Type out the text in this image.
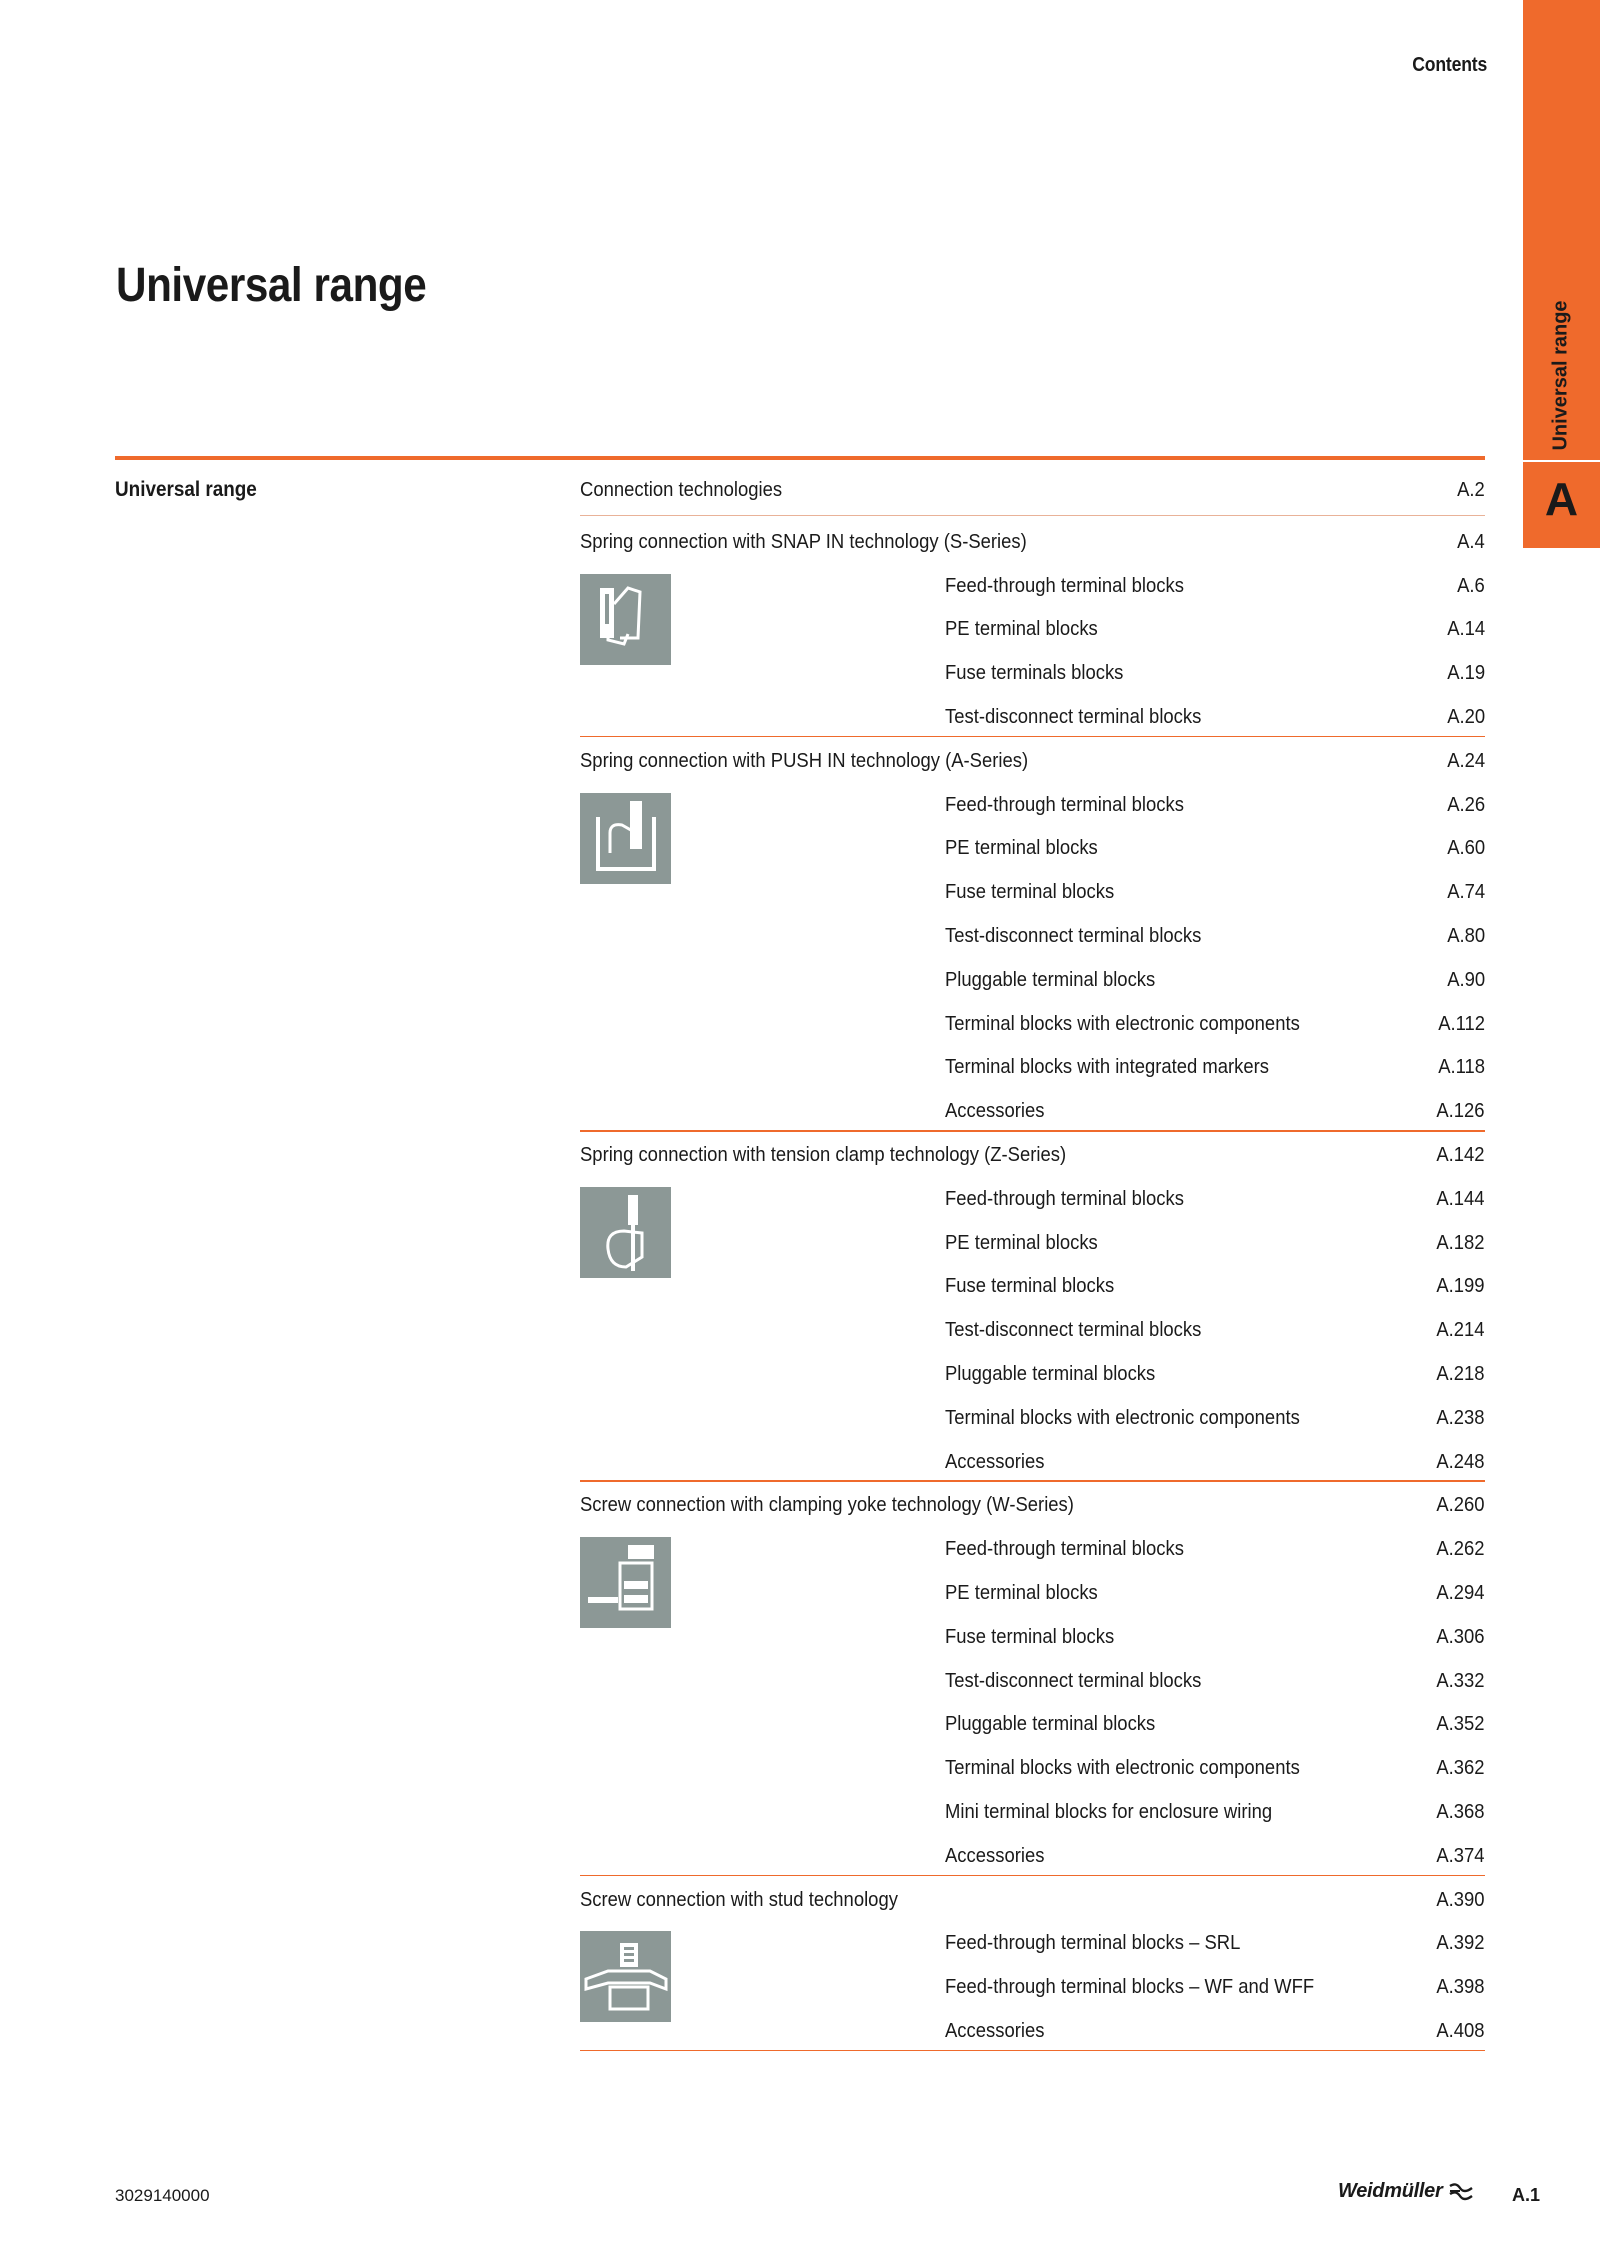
Contents
Universal range
Universal range
A
Universal range	Connection technologies	A.2
Spring connection with SNAP IN technology (S-Series)	A.4
Feed-through terminal blocks	A.6
PE terminal blocks	A.14
Fuse terminals blocks	A.19
Test-disconnect terminal blocks	A.20
Spring connection with PUSH IN technology (A-Series)	A.24
Feed-through terminal blocks	A.26
PE terminal blocks	A.60
Fuse terminal blocks	A.74
Test-disconnect terminal blocks	A.80
Pluggable terminal blocks	A.90
Terminal blocks with electronic components	A.112
Terminal blocks with integrated markers	A.118
Accessories	A.126
Spring connection with tension clamp technology (Z-Series)	A.142
Feed-through terminal blocks	A.144
PE terminal blocks	A.182
Fuse terminal blocks	A.199
Test-disconnect terminal blocks	A.214
Pluggable terminal blocks	A.218
Terminal blocks with electronic components	A.238
Accessories	A.248
Screw connection with clamping yoke technology (W-Series)	A.260
Feed-through terminal blocks	A.262
PE terminal blocks	A.294
Fuse terminal blocks	A.306
Test-disconnect terminal blocks	A.332
Pluggable terminal blocks	A.352
Terminal blocks with electronic components	A.362
Mini terminal blocks for enclosure wiring	A.368
Accessories	A.374
Screw connection with stud technology	A.390
Feed-through terminal blocks – SRL	A.392
Feed-through terminal blocks – WF and WFF	A.398
Accessories	A.408
3029140000	Weidmüller	A.1
